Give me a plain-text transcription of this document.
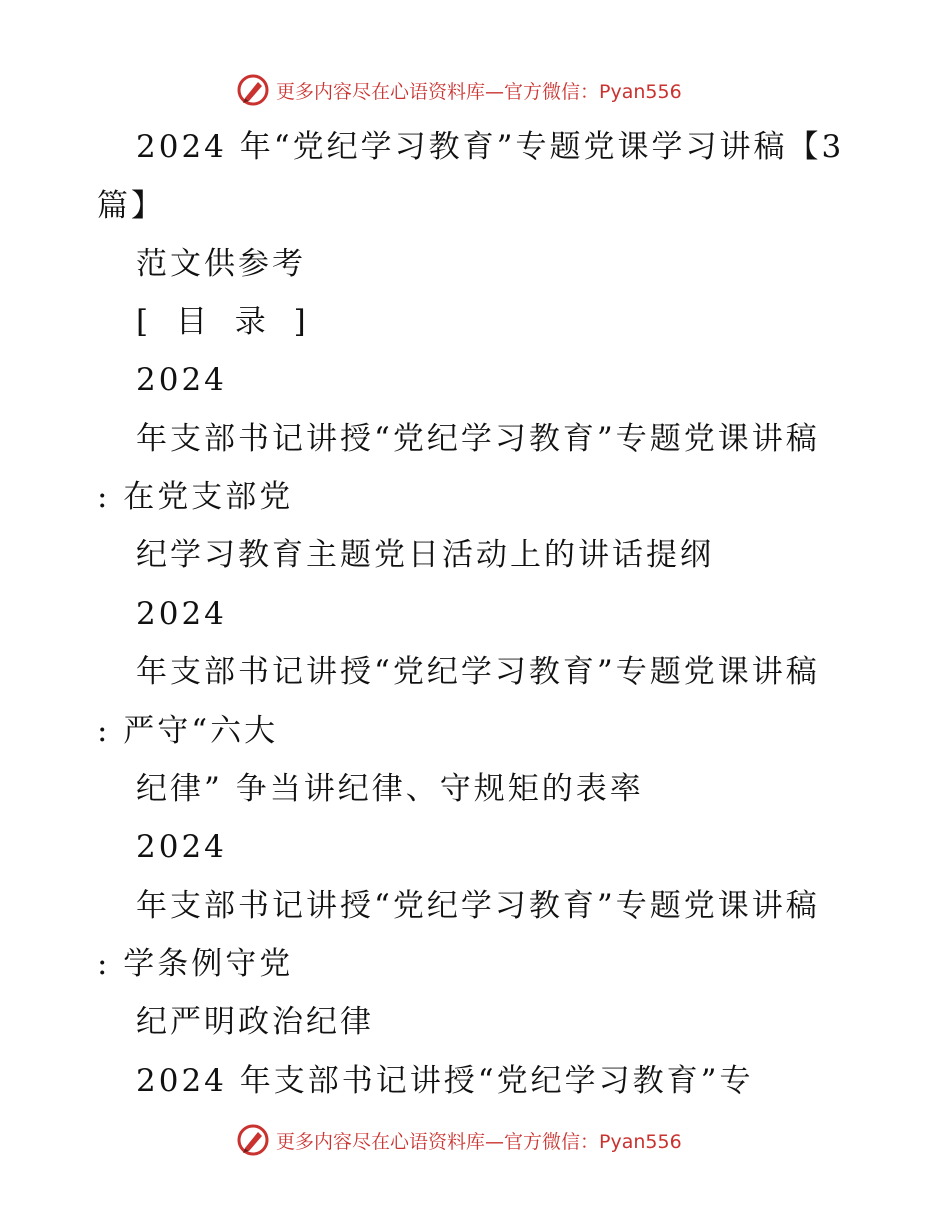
更多内容尽在心语资料库—官方微信：Pyan556
2024 年“党纪学习教育”专题党课学习讲稿【3
篇】
范文供参考
[ 目 录 ]
2024
年支部书记讲授“党纪学习教育”专题党课讲稿
: 在党支部党
纪学习教育主题党日活动上的讲话提纲
2024
年支部书记讲授“党纪学习教育”专题党课讲稿
: 严守“六大
纪律” 争当讲纪律、守规矩的表率
2024
年支部书记讲授“党纪学习教育”专题党课讲稿
: 学条例守党
纪严明政治纪律
2024 年支部书记讲授“党纪学习教育”专
更多内容尽在心语资料库—官方微信：Pyan556
